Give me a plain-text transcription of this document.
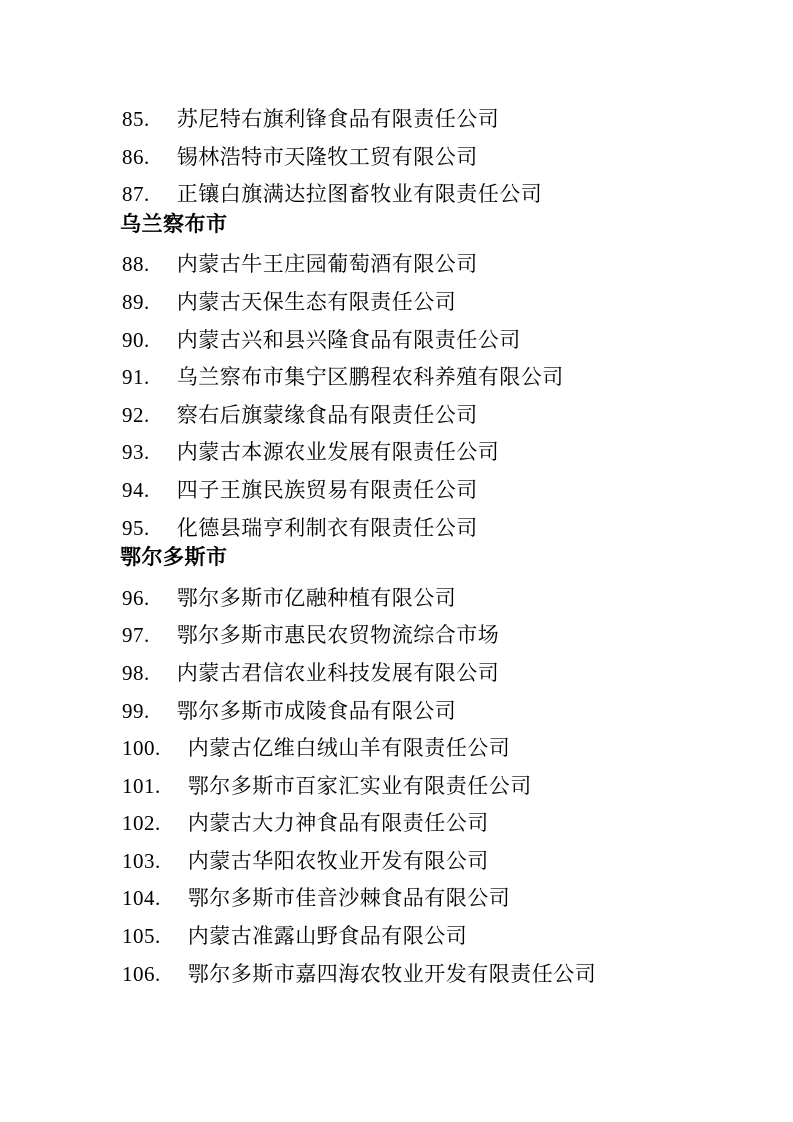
85. 苏尼特右旗利锋食品有限责任公司
86. 锡林浩特市天隆牧工贸有限公司
87. 正镶白旗满达拉图畜牧业有限责任公司
乌兰察布市
88. 内蒙古牛王庄园葡萄酒有限公司
89. 内蒙古天保生态有限责任公司
90. 内蒙古兴和县兴隆食品有限责任公司
91. 乌兰察布市集宁区鹏程农科养殖有限公司
92. 察右后旗蒙缘食品有限责任公司
93. 内蒙古本源农业发展有限责任公司
94. 四子王旗民族贸易有限责任公司
95. 化德县瑞亨利制衣有限责任公司
鄂尔多斯市
96. 鄂尔多斯市亿融种植有限公司
97. 鄂尔多斯市惠民农贸物流综合市场
98. 内蒙古君信农业科技发展有限公司
99. 鄂尔多斯市成陵食品有限公司
100. 内蒙古亿维白绒山羊有限责任公司
101. 鄂尔多斯市百家汇实业有限责任公司
102. 内蒙古大力神食品有限责任公司
103. 内蒙古华阳农牧业开发有限公司
104. 鄂尔多斯市佳音沙棘食品有限公司
105. 内蒙古准露山野食品有限公司
106. 鄂尔多斯市嘉四海农牧业开发有限责任公司
